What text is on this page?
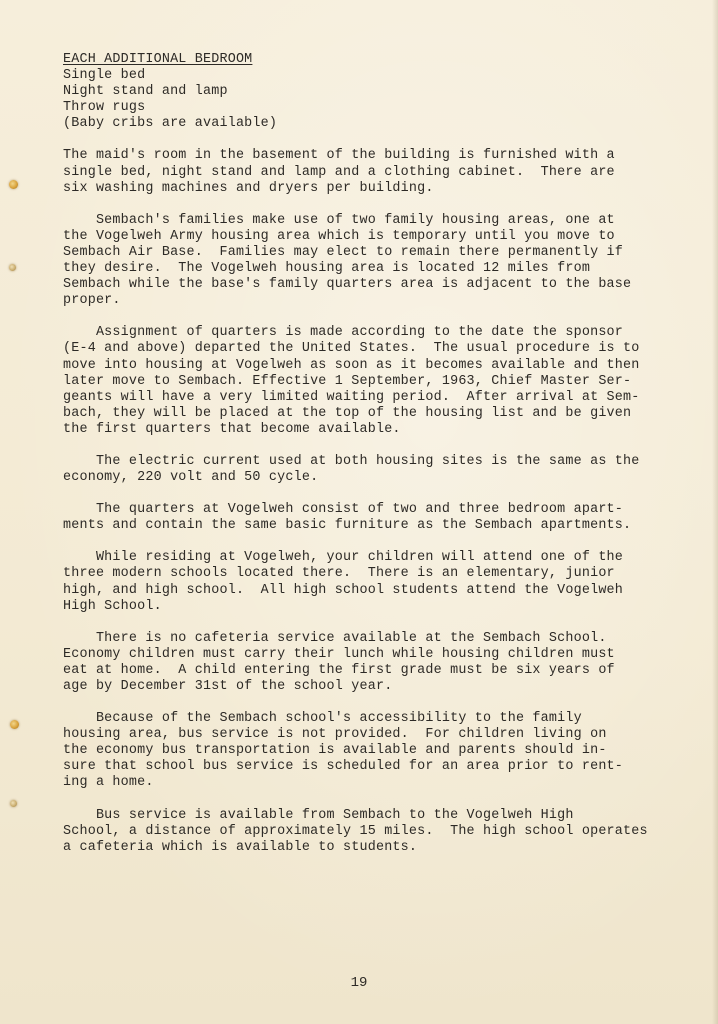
EACH ADDITIONAL BEDROOM
Single bed
Night stand and lamp
Throw rugs
(Baby cribs are available)
The maid's room in the basement of the building is furnished with a
single bed, night stand and lamp and a clothing cabinet.  There are
six washing machines and dryers per building.
Sembach's families make use of two family housing areas, one at
the Vogelweh Army housing area which is temporary until you move to
Sembach Air Base.  Families may elect to remain there permanently if
they desire.  The Vogelweh housing area is located 12 miles from
Sembach while the base's family quarters area is adjacent to the base
proper.
Assignment of quarters is made according to the date the sponsor
(E-4 and above) departed the United States.  The usual procedure is to
move into housing at Vogelweh as soon as it becomes available and then
later move to Sembach. Effective 1 September, 1963, Chief Master Ser-
geants will have a very limited waiting period.  After arrival at Sem-
bach, they will be placed at the top of the housing list and be given
the first quarters that become available.
The electric current used at both housing sites is the same as the
economy, 220 volt and 50 cycle.
The quarters at Vogelweh consist of two and three bedroom apart-
ments and contain the same basic furniture as the Sembach apartments.
While residing at Vogelweh, your children will attend one of the
three modern schools located there.  There is an elementary, junior
high, and high school.  All high school students attend the Vogelweh
High School.
There is no cafeteria service available at the Sembach School.
Economy children must carry their lunch while housing children must
eat at home.  A child entering the first grade must be six years of
age by December 31st of the school year.
Because of the Sembach school's accessibility to the family
housing area, bus service is not provided.  For children living on
the economy bus transportation is available and parents should in-
sure that school bus service is scheduled for an area prior to rent-
ing a home.
Bus service is available from Sembach to the Vogelweh High
School, a distance of approximately 15 miles.  The high school operates
a cafeteria which is available to students.
19
